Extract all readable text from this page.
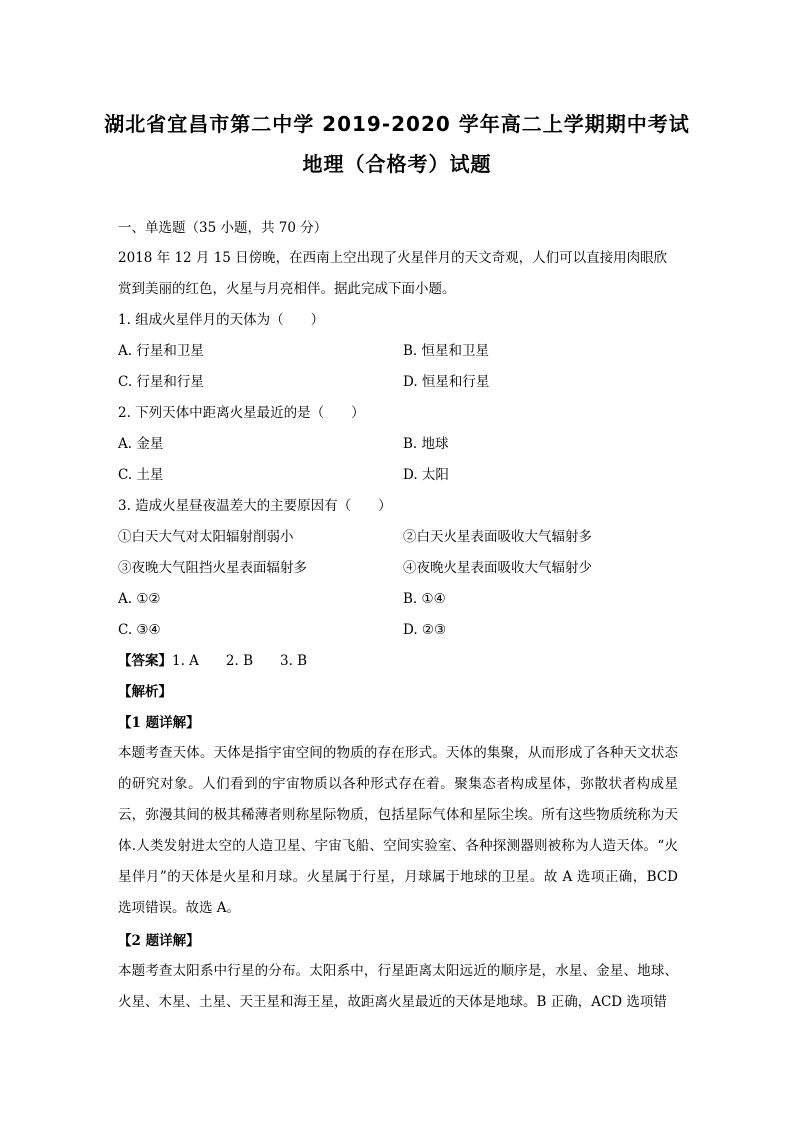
湖北省宜昌市第二中学 2019-2020 学年高二上学期期中考试
地理（合格考）试题
一、单选题（35 小题，共 70 分）
2018 年 12 月 15 日傍晚，在西南上空出现了火星伴月的天文奇观，人们可以直接用肉眼欣
赏到美丽的红色，火星与月亮相伴。据此完成下面小题。
1. 组成火星伴月的天体为（　　）
A. 行星和卫星	B. 恒星和卫星
C. 行星和行星	D. 恒星和行星
2. 下列天体中距离火星最近的是（　　）
A. 金星	B. 地球
C. 土星	D. 太阳
3. 造成火星昼夜温差大的主要原因有（　　）
①白天大气对太阳辐射削弱小	②白天火星表面吸收大气辐射多
③夜晚大气阻挡火星表面辐射多	④夜晚火星表面吸收大气辐射少
A. ①②	B. ①④
C. ③④	D. ②③
【答案】1. A　　2. B　　3. B
【解析】
【1 题详解】
本题考查天体。天体是指宇宙空间的物质的存在形式。天体的集聚，从而形成了各种天文状态的研究对象。人们看到的宇宙物质以各种形式存在着。聚集态者构成星体，弥散状者构成星云，弥漫其间的极其稀薄者则称星际物质，包括星际气体和星际尘埃。所有这些物质统称为天体.人类发射进太空的人造卫星、宇宙飞船、空间实验室、各种探测器则被称为人造天体。“火星伴月”的天体是火星和月球。火星属于行星，月球属于地球的卫星。故 A 选项正确，BCD 选项错误。故选 A。
【2 题详解】
本题考查太阳系中行星的分布。太阳系中，行星距离太阳远近的顺序是，水星、金星、地球、火星、木星、土星、天王星和海王星，故距离火星最近的天体是地球。B 正确，ACD 选项错
